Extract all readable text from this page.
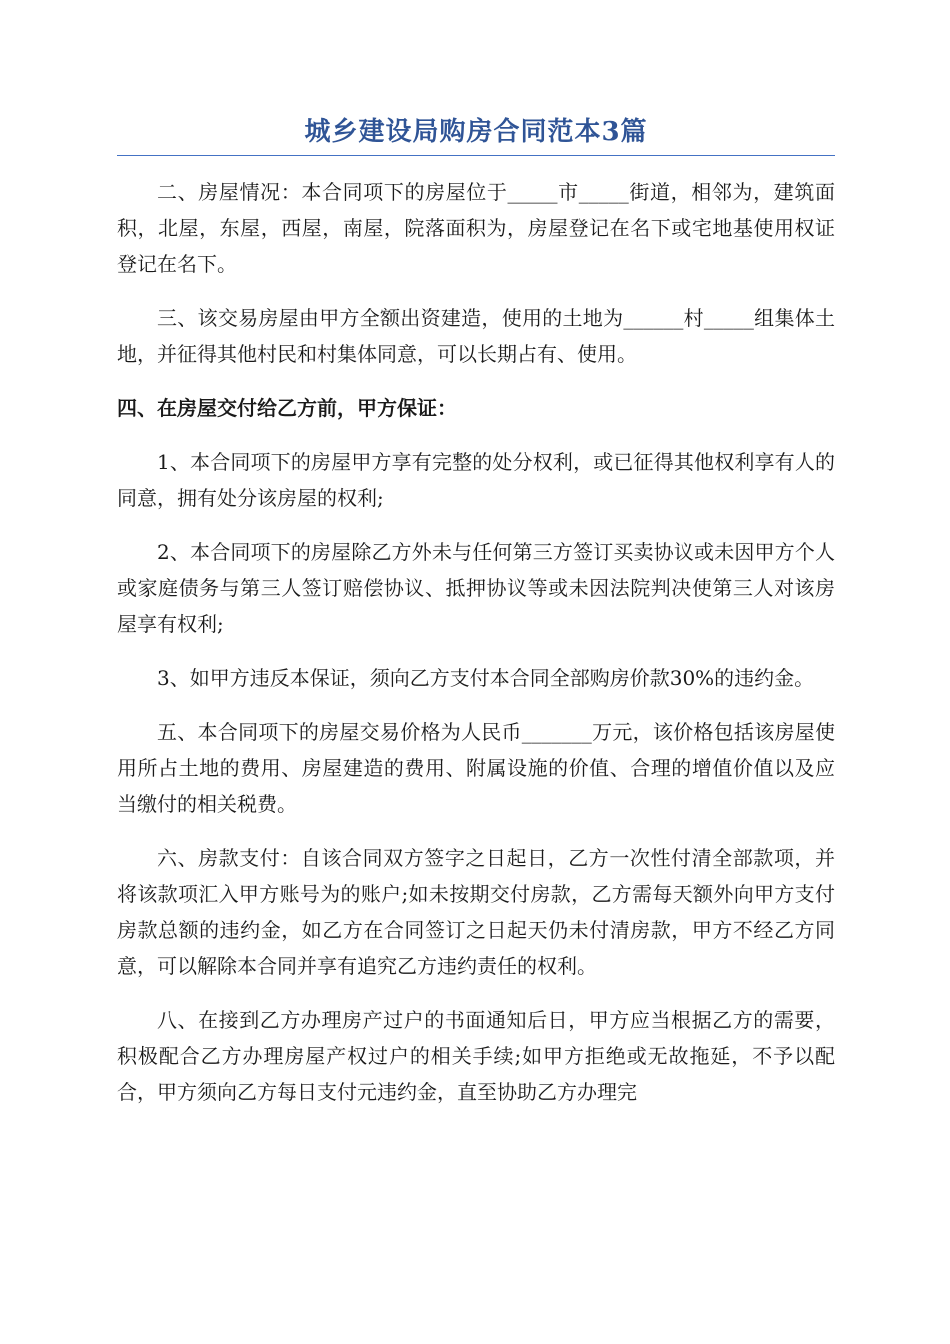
城乡建设局购房合同范本3篇

二、房屋情况：本合同项下的房屋位于_____市_____街道，相邻为，建筑面积，北屋，东屋，西屋，南屋，院落面积为，房屋登记在名下或宅地基使用权证登记在名下。

三、该交易房屋由甲方全额出资建造，使用的土地为______村_____组集体土地，并征得其他村民和村集体同意，可以长期占有、使用。

四、在房屋交付给乙方前，甲方保证：

1、本合同项下的房屋甲方享有完整的处分权利，或已征得其他权利享有人的同意，拥有处分该房屋的权利;

2、本合同项下的房屋除乙方外未与任何第三方签订买卖协议或未因甲方个人或家庭债务与第三人签订赔偿协议、抵押协议等或未因法院判决使第三人对该房屋享有权利;

3、如甲方违反本保证，须向乙方支付本合同全部购房价款30%的违约金。

五、本合同项下的房屋交易价格为人民币_______万元，该价格包括该房屋使用所占土地的费用、房屋建造的费用、附属设施的价值、合理的增值价值以及应当缴付的相关税费。

六、房款支付：自该合同双方签字之日起日，乙方一次性付清全部款项，并将该款项汇入甲方账号为的账户;如未按期交付房款，乙方需每天额外向甲方支付房款总额的违约金，如乙方在合同签订之日起天仍未付清房款，甲方不经乙方同意，可以解除本合同并享有追究乙方违约责任的权利。

八、在接到乙方办理房产过户的书面通知后日，甲方应当根据乙方的需要，积极配合乙方办理房屋产权过户的相关手续;如甲方拒绝或无故拖延，不予以配合，甲方须向乙方每日支付元违约金，直至协助乙方办理完
